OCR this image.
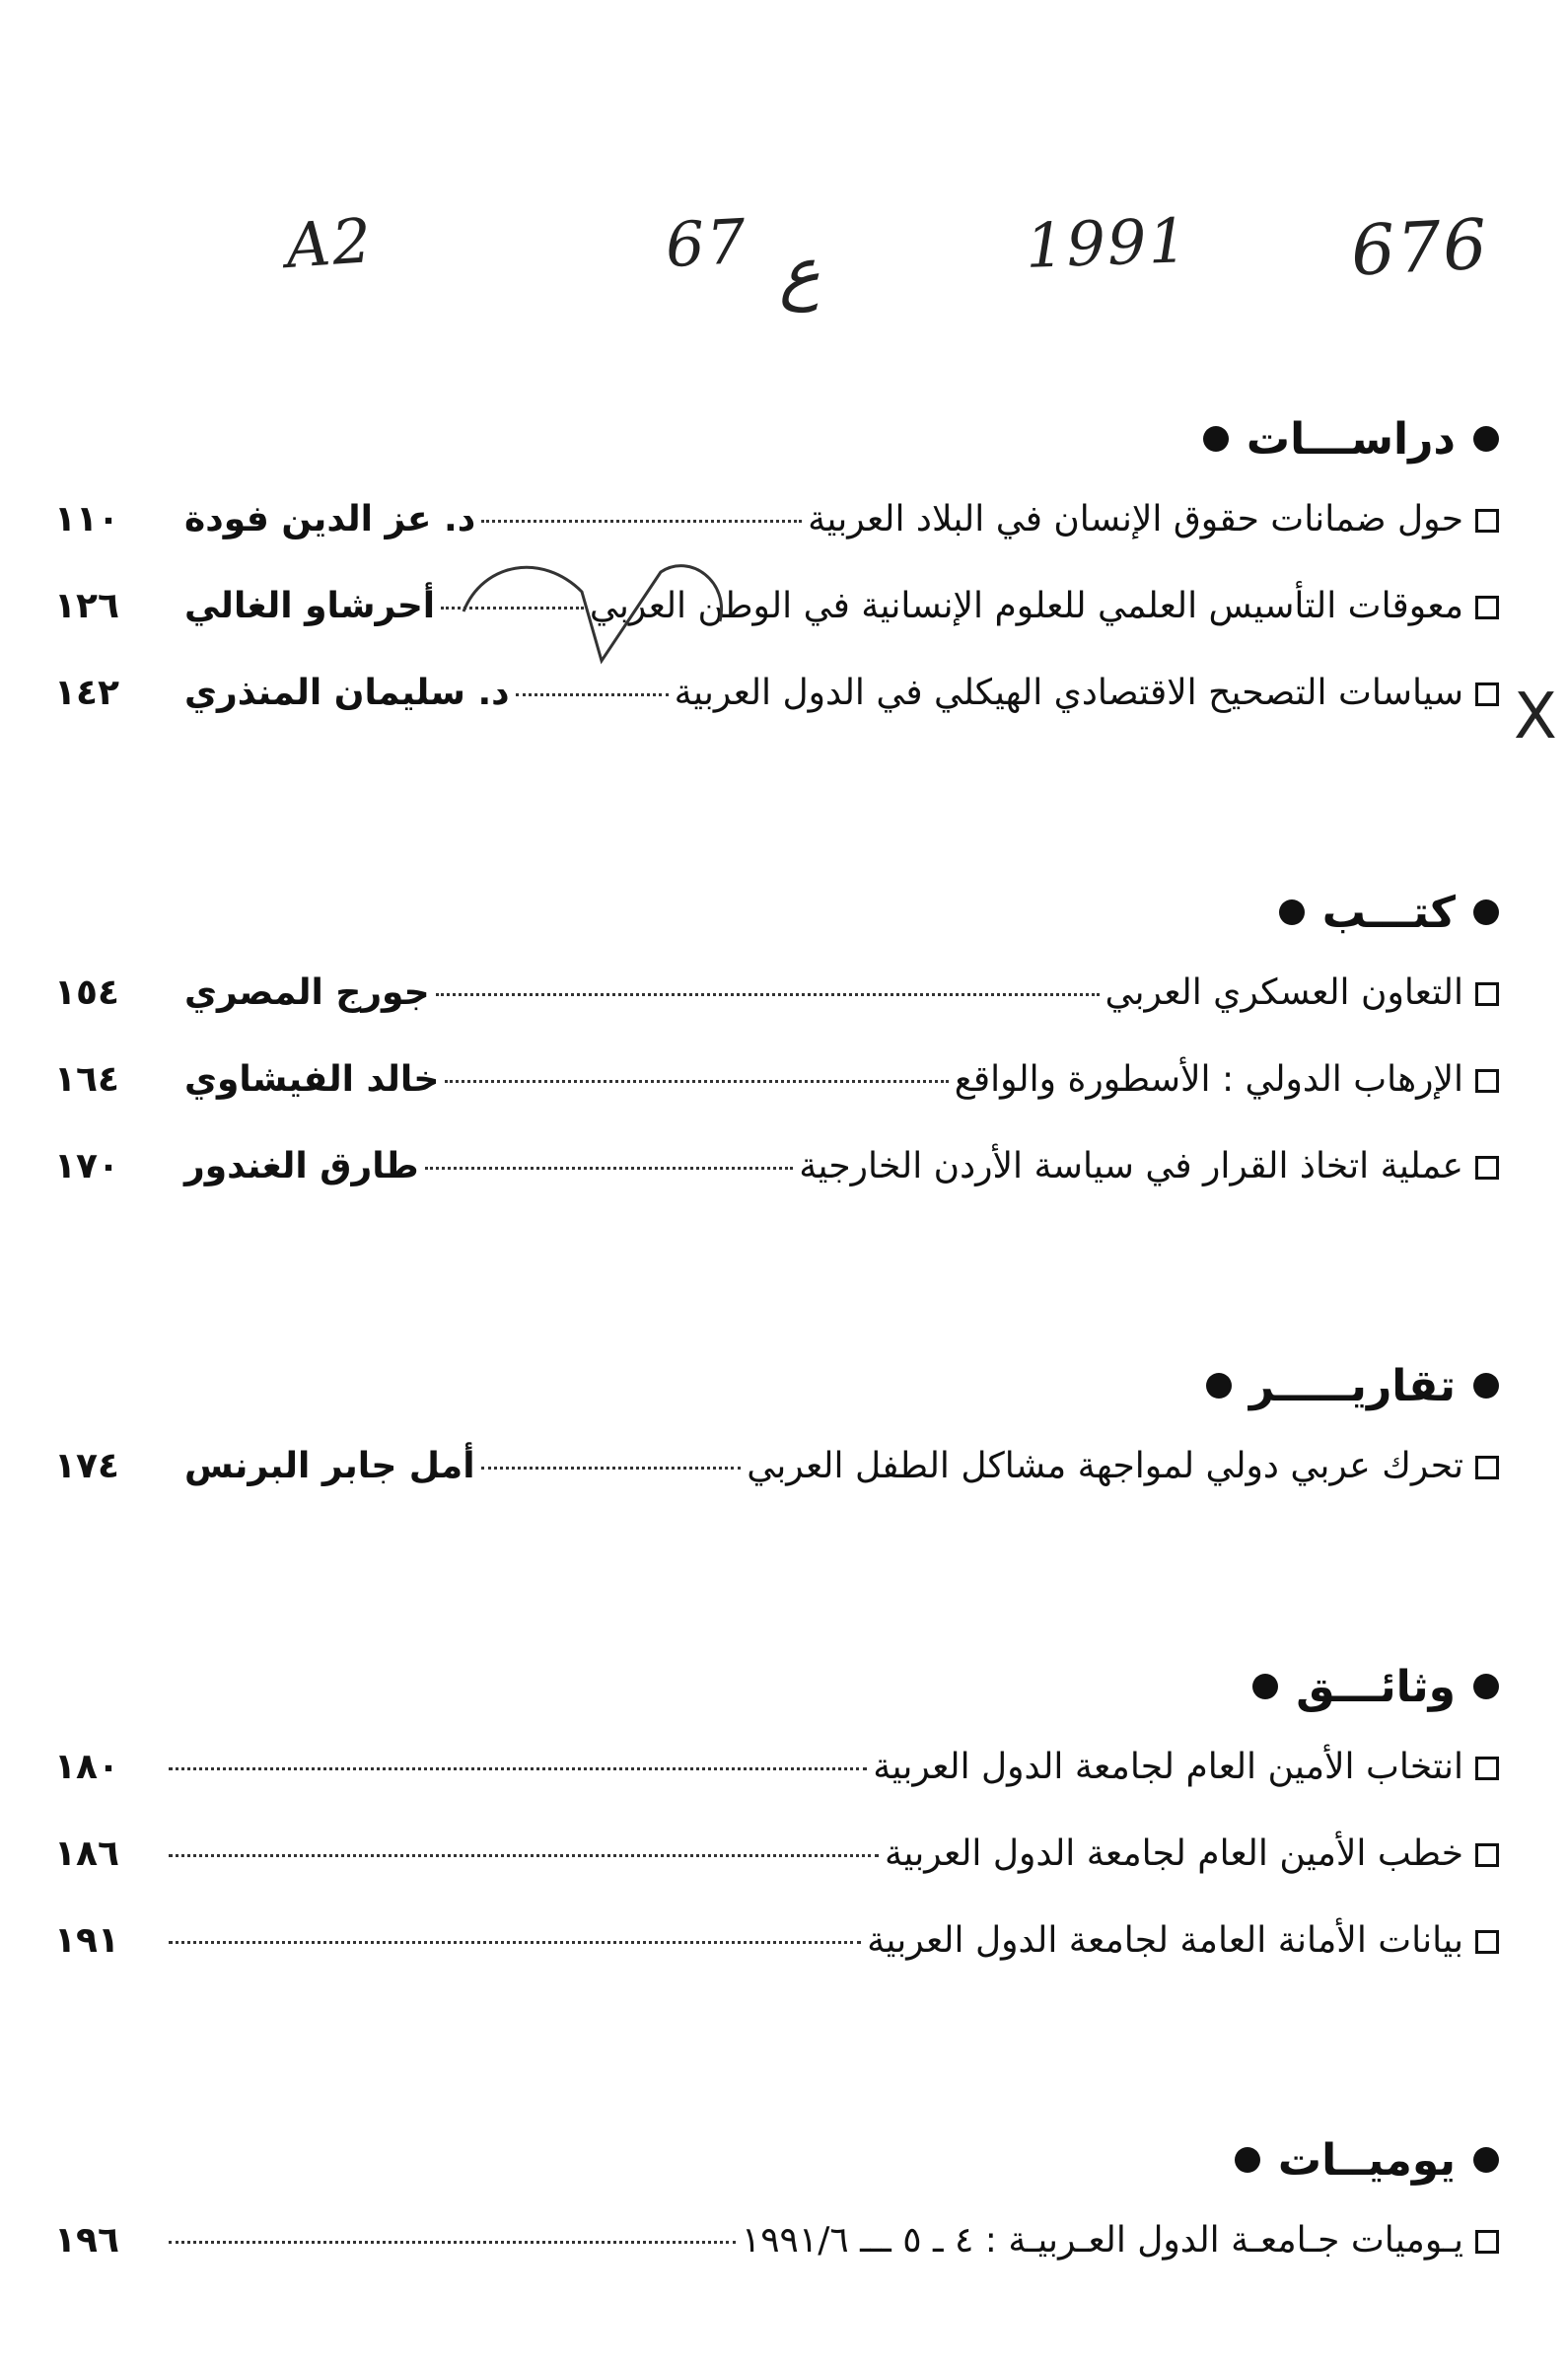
A2	67 ع	1991 676
دراســـات
حول ضمانات حقوق الإنسان في البلاد العربية
د. عز الدين فودة
١١٠
معوقات التأسيس العلمي للعلوم الإنسانية في الوطن العربي
أحرشاو الغالي
١٢٦
سياسات التصحيح الاقتصادي الهيكلي في الدول العربية
د. سليمان المنذري
١٤٢
كتـــب
التعاون العسكري العربي
جورج المصري
١٥٤
الإرهاب الدولي : الأسطورة والواقع
خالد الفيشاوي
١٦٤
عملية اتخاذ القرار في سياسة الأردن الخارجية
طارق الغندور
١٧٠
تقاريـــــر
تحرك عربي دولي لمواجهة مشاكل الطفل العربي
أمل جابر البرنس
١٧٤
وثائـــق
انتخاب الأمين العام لجامعة الدول العربية
١٨٠
خطب الأمين العام لجامعة الدول العربية
١٨٦
بيانات الأمانة العامة لجامعة الدول العربية
١٩١
يوميــات
يـوميات جـامعـة الدول العـربيـة : ٤ ـ ٥ ـــ ١٩٩١/٦
١٩٦
X
